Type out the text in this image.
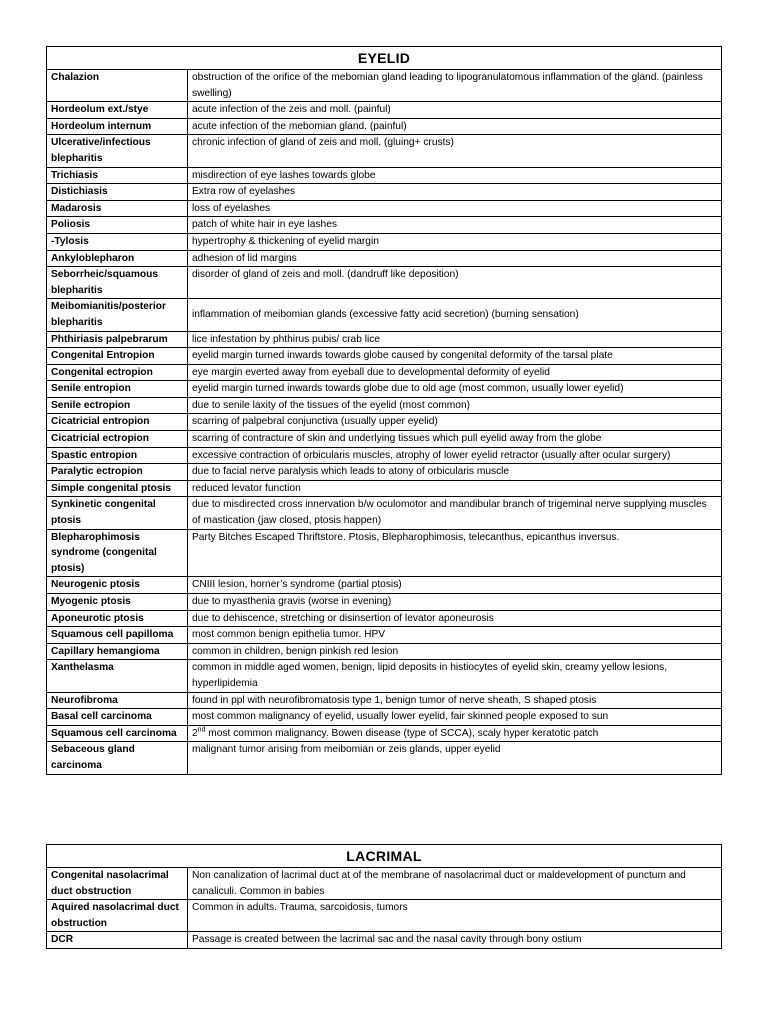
EYELID	
Chalazion	obstruction of the orifice of the mebomian gland leading to lipogranulatomous inflammation of the gland. (painless swelling)
Hordeolum ext./stye	acute infection of the zeis and moll. (painful)
Hordeolum internum	acute infection of the mebomian gland. (painful)
Ulcerative/infectious blepharitis	chronic infection of gland of zeis and moll. (gluing+ crusts)
Trichiasis	misdirection of eye lashes towards globe
Distichiasis	Extra row of eyelashes
Madarosis	loss of eyelashes
Poliosis	patch of white hair in eye lashes
-Tylosis	hypertrophy & thickening of eyelid margin
Ankyloblepharon	adhesion of lid margins
Seborrheic/squamous blepharitis	disorder of gland of zeis and moll. (dandruff like deposition)
Meibomianitis/posterior blepharitis	inflammation of meibomian glands (excessive fatty acid secretion) (burning sensation)
Phthiriasis palpebrarum	lice infestation by phthirus pubis/ crab lice
Congenital Entropion	eyelid margin turned inwards towards globe caused by congenital deformity of the tarsal plate
Congenital ectropion	eye margin everted away from eyeball due to developmental deformity of eyelid
Senile entropion	eyelid margin turned inwards towards globe due to old age (most common, usually lower eyelid)
Senile ectropion	due to senile laxity of the tissues of the eyelid (most common)
Cicatricial entropion	scarring of palpebral conjunctiva (usually upper eyelid)
Cicatricial ectropion	scarring of contracture of skin and underlying tissues which pull eyelid away from the globe
Spastic entropion	excessive contraction of orbicularis muscles, atrophy of lower eyelid retractor (usually after ocular surgery)
Paralytic ectropion	due to facial nerve paralysis which leads to atony of orbicularis muscle
Simple congenital ptosis	reduced levator function
Synkinetic congenital ptosis	due to misdirected cross innervation b/w oculomotor and mandibular branch of trigeminal nerve supplying muscles of mastication (jaw closed, ptosis happen)
Blepharophimosis syndrome (congenital ptosis)	Party Bitches Escaped Thriftstore. Ptosis, Blepharophimosis, telecanthus, epicanthus inversus.
Neurogenic ptosis	CNIII lesion, horner’s syndrome (partial ptosis)
Myogenic ptosis	due to myasthenia gravis (worse in evening)
Aponeurotic ptosis	due to dehiscence, stretching or disinsertion of levator aponeurosis
Squamous cell papilloma	most common benign epithelia tumor. HPV
Capillary hemangioma	common in children, benign pinkish red lesion
Xanthelasma	common in middle aged women, benign, lipid deposits in histiocytes of eyelid skin, creamy yellow lesions, hyperlipidemia
Neurofibroma	found in ppl with neurofibromatosis type 1, benign tumor of nerve sheath, S shaped ptosis
Basal cell carcinoma	most common malignancy of eyelid, usually lower eyelid, fair skinned people exposed to sun
Squamous cell carcinoma	2nd most common malignancy. Bowen disease (type of SCCA), scaly hyper keratotic patch
Sebaceous gland carcinoma	malignant tumor arising from meibomian or zeis glands, upper eyelid
LACRIMAL	
Congenital nasolacrimal duct obstruction	Non canalization of lacrimal duct at of the membrane of nasolacrimal duct or maldevelopment of punctum and canaliculi. Common in babies
Aquired nasolacrimal duct obstruction	Common in adults. Trauma, sarcoidosis, tumors
DCR	Passage is created between the lacrimal sac and the nasal cavity through bony ostium
